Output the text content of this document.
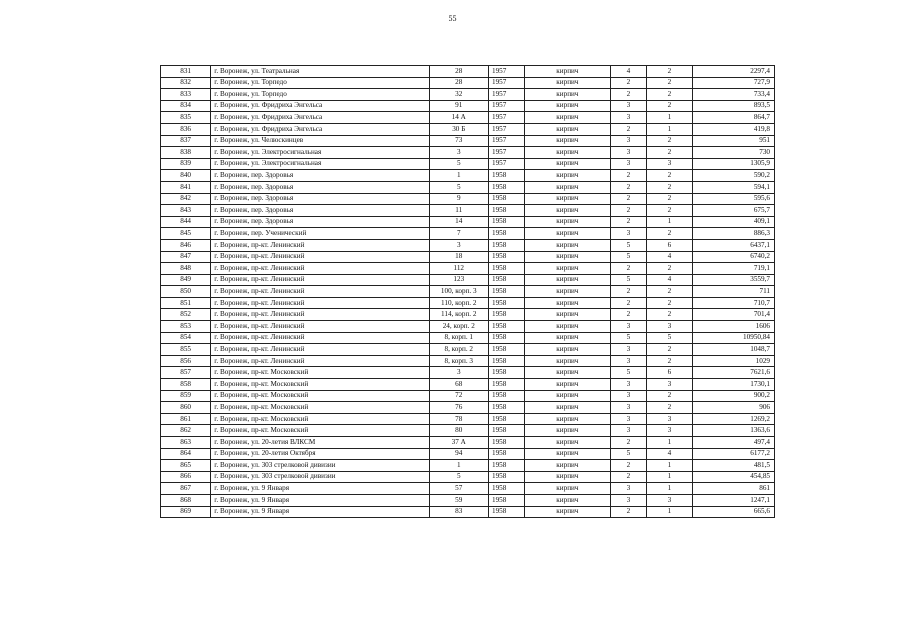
55
831	г. Воронеж, ул. Театральная	28	1957	кирпич	4	2	2297,4
832	г. Воронеж, ул. Торпедо	28	1957	кирпич	2	2	727,9
833	г. Воронеж, ул. Торпедо	32	1957	кирпич	2	2	733,4
834	г. Воронеж, ул. Фридриха Энгельса	91	1957	кирпич	3	2	893,5
835	г. Воронеж, ул. Фридриха Энгельса	14 А	1957	кирпич	3	1	864,7
836	г. Воронеж, ул. Фридриха Энгельса	30 Б	1957	кирпич	2	1	419,8
837	г. Воронеж, ул. Челюскинцев	73	1957	кирпич	3	2	951
838	г. Воронеж, ул. Электросигнальная	3	1957	кирпич	3	2	730
839	г. Воронеж, ул. Электросигнальная	5	1957	кирпич	3	3	1305,9
840	г. Воронеж, пер. Здоровья	1	1958	кирпич	2	2	590,2
841	г. Воронеж, пер. Здоровья	5	1958	кирпич	2	2	594,1
842	г. Воронеж, пер. Здоровья	9	1958	кирпич	2	2	595,6
843	г. Воронеж, пер. Здоровья	11	1958	кирпич	2	2	675,7
844	г. Воронеж, пер. Здоровья	14	1958	кирпич	2	1	409,1
845	г. Воронеж, пер. Ученический	7	1958	кирпич	3	2	886,3
846	г. Воронеж, пр-кт. Ленинский	3	1958	кирпич	5	6	6437,1
847	г. Воронеж, пр-кт. Ленинский	18	1958	кирпич	5	4	6740,2
848	г. Воронеж, пр-кт. Ленинский	112	1958	кирпич	2	2	719,1
849	г. Воронеж, пр-кт. Ленинский	123	1958	кирпич	5	4	3559,7
850	г. Воронеж, пр-кт. Ленинский	100, корп. 3	1958	кирпич	2	2	711
851	г. Воронеж, пр-кт. Ленинский	110, корп. 2	1958	кирпич	2	2	710,7
852	г. Воронеж, пр-кт. Ленинский	114, корп. 2	1958	кирпич	2	2	701,4
853	г. Воронеж, пр-кт. Ленинский	24, корп. 2	1958	кирпич	3	3	1606
854	г. Воронеж, пр-кт. Ленинский	8, корп. 1	1958	кирпич	5	5	10950,84
855	г. Воронеж, пр-кт. Ленинский	8, корп. 2	1958	кирпич	3	2	1048,7
856	г. Воронеж, пр-кт. Ленинский	8, корп. 3	1958	кирпич	3	2	1029
857	г. Воронеж, пр-кт. Московский	3	1958	кирпич	5	6	7621,6
858	г. Воронеж, пр-кт. Московский	68	1958	кирпич	3	3	1730,1
859	г. Воронеж, пр-кт. Московский	72	1958	кирпич	3	2	900,2
860	г. Воронеж, пр-кт. Московский	76	1958	кирпич	3	2	906
861	г. Воронеж, пр-кт. Московский	78	1958	кирпич	3	3	1269,2
862	г. Воронеж, пр-кт. Московский	80	1958	кирпич	3	3	1363,6
863	г. Воронеж, ул. 20-летия ВЛКСМ	37 А	1958	кирпич	2	1	497,4
864	г. Воронеж, ул. 20-летия Октября	94	1958	кирпич	5	4	6177,2
865	г. Воронеж, ул. 303 стрелковой дивизии	1	1958	кирпич	2	1	481,5
866	г. Воронеж, ул. 303 стрелковой дивизии	5	1958	кирпич	2	1	454,85
867	г. Воронеж, ул. 9 Января	57	1958	кирпич	3	1	861
868	г. Воронеж, ул. 9 Января	59	1958	кирпич	3	3	1247,1
869	г. Воронеж, ул. 9 Января	83	1958	кирпич	2	1	665,6
